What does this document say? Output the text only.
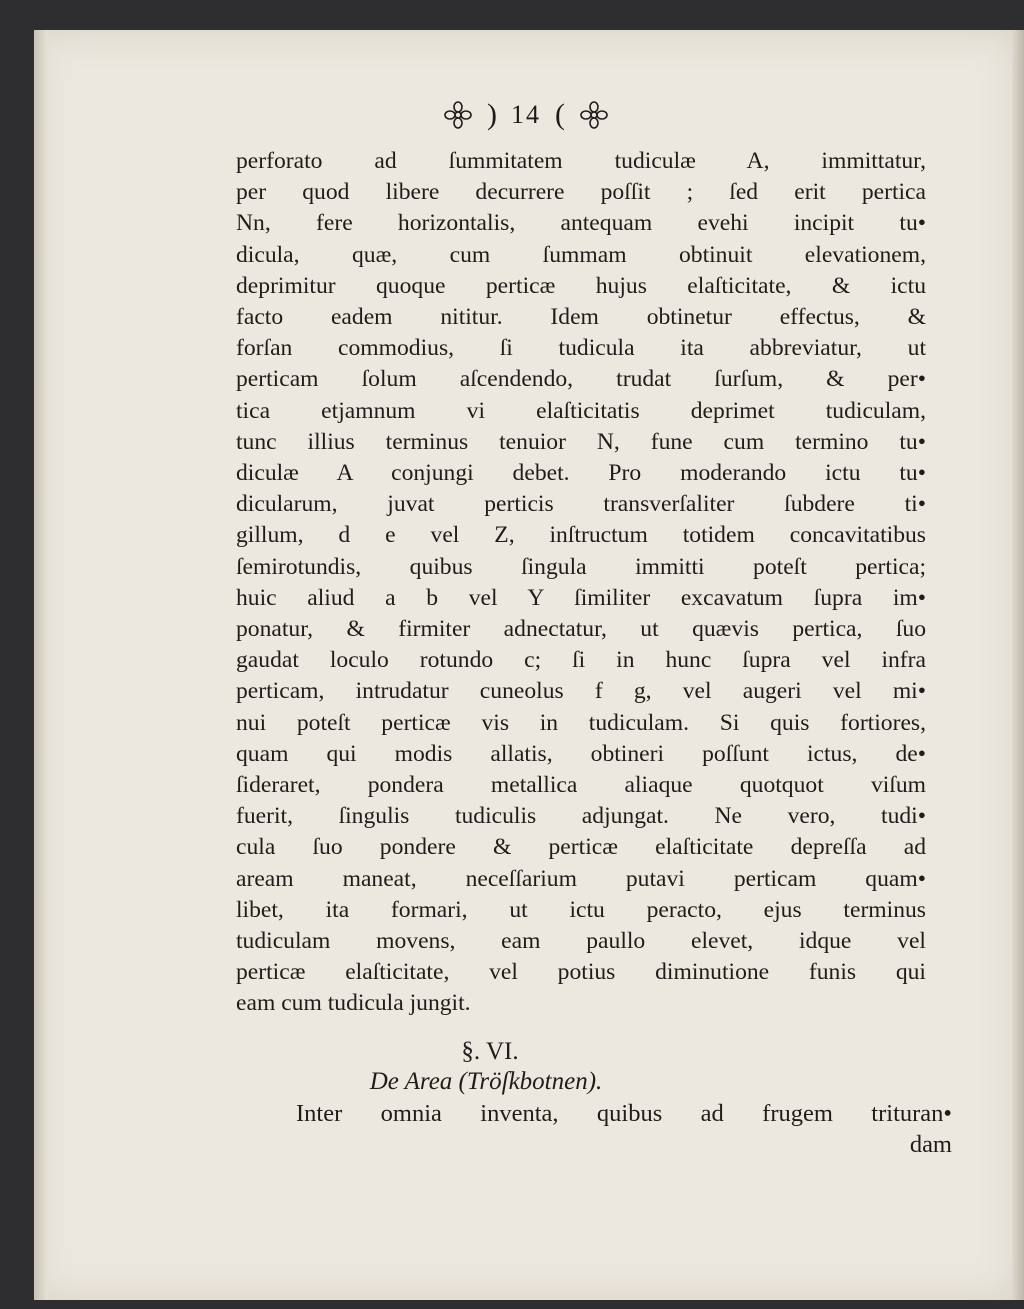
) 14 (
perforato ad ſummitatem tudiculæ A, immittatur,
per quod libere decurrere poſſit ; ſed erit pertica
Nn, fere horizontalis, antequam evehi incipit tu•
dicula, quæ, cum ſummam obtinuit elevationem,
deprimitur quoque perticæ hujus elaſticitate, & ictu
facto eadem nititur. Idem obtinetur effectus, &
forſan commodius, ſi tudicula ita abbreviatur, ut
perticam ſolum aſcendendo, trudat ſurſum, & per•
tica etjamnum vi elaſticitatis deprimet tudiculam,
tunc illius terminus tenuior N, fune cum termino tu•
diculæ A conjungi debet. Pro moderando ictu tu•
dicularum, juvat perticis transverſaliter ſubdere ti•
gillum, d e vel Z, inſtructum totidem concavitatibus
ſemirotundis, quibus ſingula immitti poteſt pertica;
huic aliud a b vel Y ſimiliter excavatum ſupra im•
ponatur, & firmiter adnectatur, ut quævis pertica, ſuo
gaudat loculo rotundo c; ſi in hunc ſupra vel infra
perticam, intrudatur cuneolus f g, vel augeri vel mi•
nui poteſt perticæ vis in tudiculam. Si quis fortiores,
quam qui modis allatis, obtineri poſſunt ictus, de•
ſideraret, pondera metallica aliaque quotquot viſum
fuerit, ſingulis tudiculis adjungat. Ne vero, tudi•
cula ſuo pondere & perticæ elaſticitate depreſſa ad
aream maneat, neceſſarium putavi perticam quam•
libet, ita formari, ut ictu peracto, ejus terminus
tudiculam movens, eam paullo elevet, idque vel
perticæ elaſticitate, vel potius diminutione funis qui
eam cum tudicula jungit.
§. VI.
De Area (Tröſkbotnen).
Inter omnia inventa, quibus ad frugem trituran•
dam
